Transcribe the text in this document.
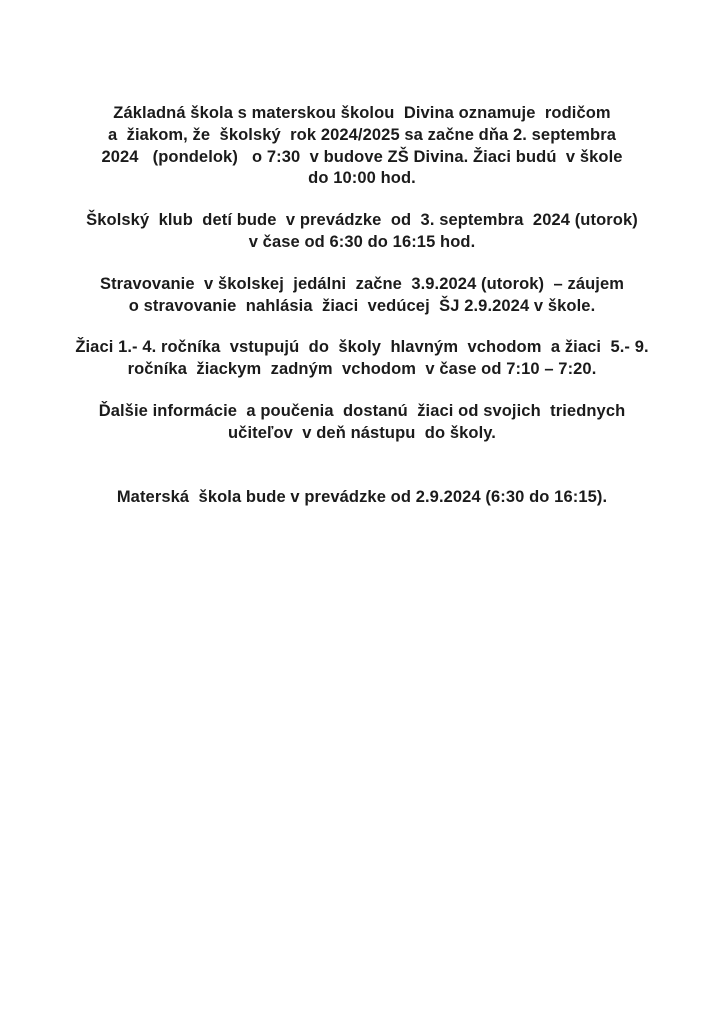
Základná škola s materskou školou  Divina oznamuje  rodičom
a  žiakom, že  školský  rok 2024/2025 sa začne dňa 2. septembra
2024   (pondelok)   o 7:30  v budove ZŠ Divina. Žiaci budú  v škole
do 10:00 hod.
Školský  klub  detí bude  v prevádzke  od  3. septembra  2024 (utorok)
v čase od 6:30 do 16:15 hod.
Stravovanie  v školskej  jedálni  začne  3.9.2024 (utorok)  – záujem
o stravovanie  nahlásia  žiaci  vedúcej  ŠJ 2.9.2024 v škole.
Žiaci 1.- 4. ročníka  vstupujú  do  školy  hlavným  vchodom  a žiaci  5.- 9.
ročníka  žiackym  zadným  vchodom  v čase od 7:10 – 7:20.
Ďalšie informácie  a poučenia  dostanú  žiaci od svojich  triednych
učiteľov  v deň nástupu  do školy.
Materská  škola bude v prevádzke od 2.9.2024 (6:30 do 16:15).
